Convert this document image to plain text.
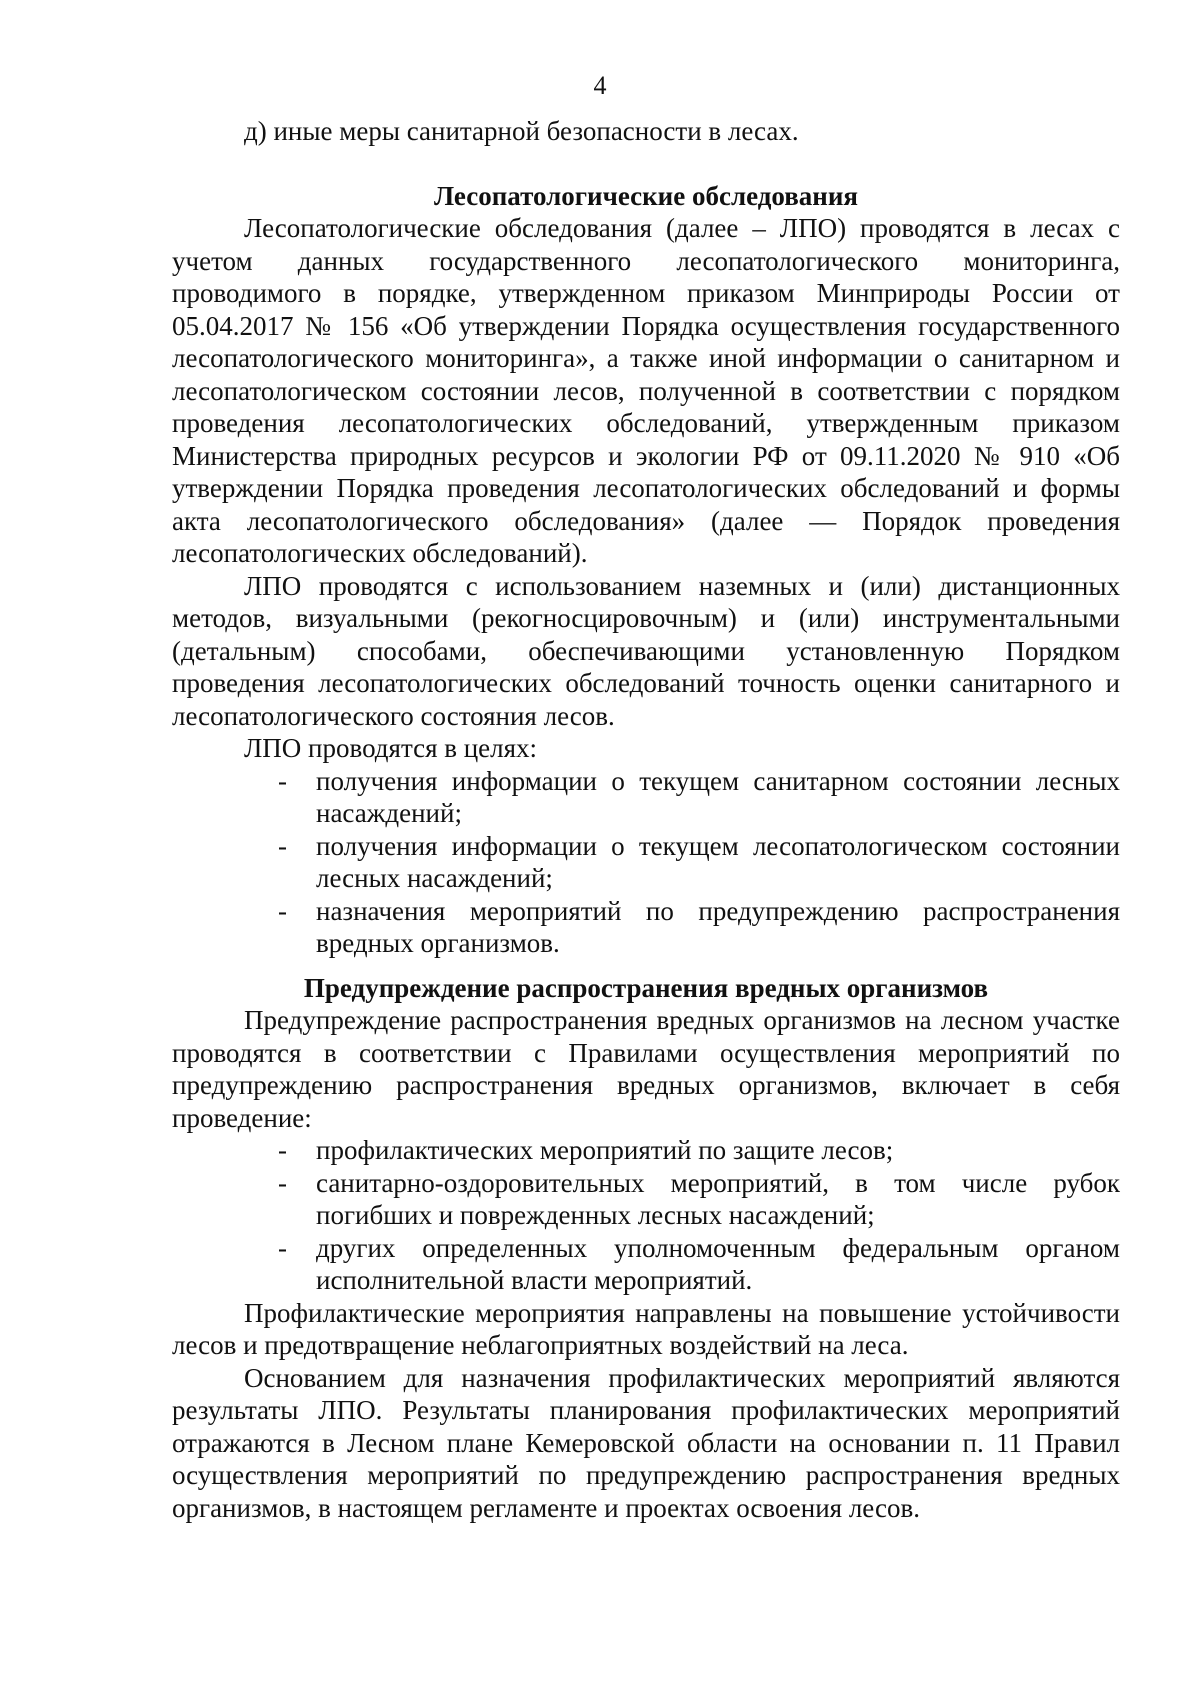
4

д) иные меры санитарной безопасности в лесах.

Лесопатологические обследования

Лесопатологические обследования (далее – ЛПО) проводятся в лесах с учетом данных государственного лесопатологического мониторинга, проводимого в порядке, утвержденном приказом Минприроды России от 05.04.2017 № 156 «Об утверждении Порядка осуществления государственного лесопатологического мониторинга», а также иной информации о санитарном и лесопатологическом состоянии лесов, полученной в соответствии с порядком проведения лесопатологических обследований, утвержденным приказом Министерства природных ресурсов и экологии РФ от 09.11.2020 № 910 «Об утверждении Порядка проведения лесопатологических обследований и формы акта лесопатологического обследования» (далее — Порядок проведения лесопатологических обследований).

ЛПО проводятся с использованием наземных и (или) дистанционных методов, визуальными (рекогносцировочным) и (или) инструментальными (детальным) способами, обеспечивающими установленную Порядком проведения лесопатологических обследований точность оценки санитарного и лесопатологического состояния лесов.

ЛПО проводятся в целях:

- получения информации о текущем санитарном состоянии лесных насаждений;
- получения информации о текущем лесопатологическом состоянии лесных насаждений;
- назначения мероприятий по предупреждению распространения вредных организмов.
Предупреждение распространения вредных организмов

Предупреждение распространения вредных организмов на лесном участке проводятся в соответствии с Правилами осуществления мероприятий по предупреждению распространения вредных организмов, включает в себя проведение:

- профилактических мероприятий по защите лесов;
- санитарно-оздоровительных мероприятий, в том числе рубок погибших и поврежденных лесных насаждений;
- других определенных уполномоченным федеральным органом исполнительной власти мероприятий.

Профилактические мероприятия направлены на повышение устойчивости лесов и предотвращение неблагоприятных воздействий на леса.

Основанием для назначения профилактических мероприятий являются результаты ЛПО. Результаты планирования профилактических мероприятий отражаются в Лесном плане Кемеровской области на основании п. 11 Правил осуществления мероприятий по предупреждению распространения вредных организмов, в настоящем регламенте и проектах освоения лесов.
